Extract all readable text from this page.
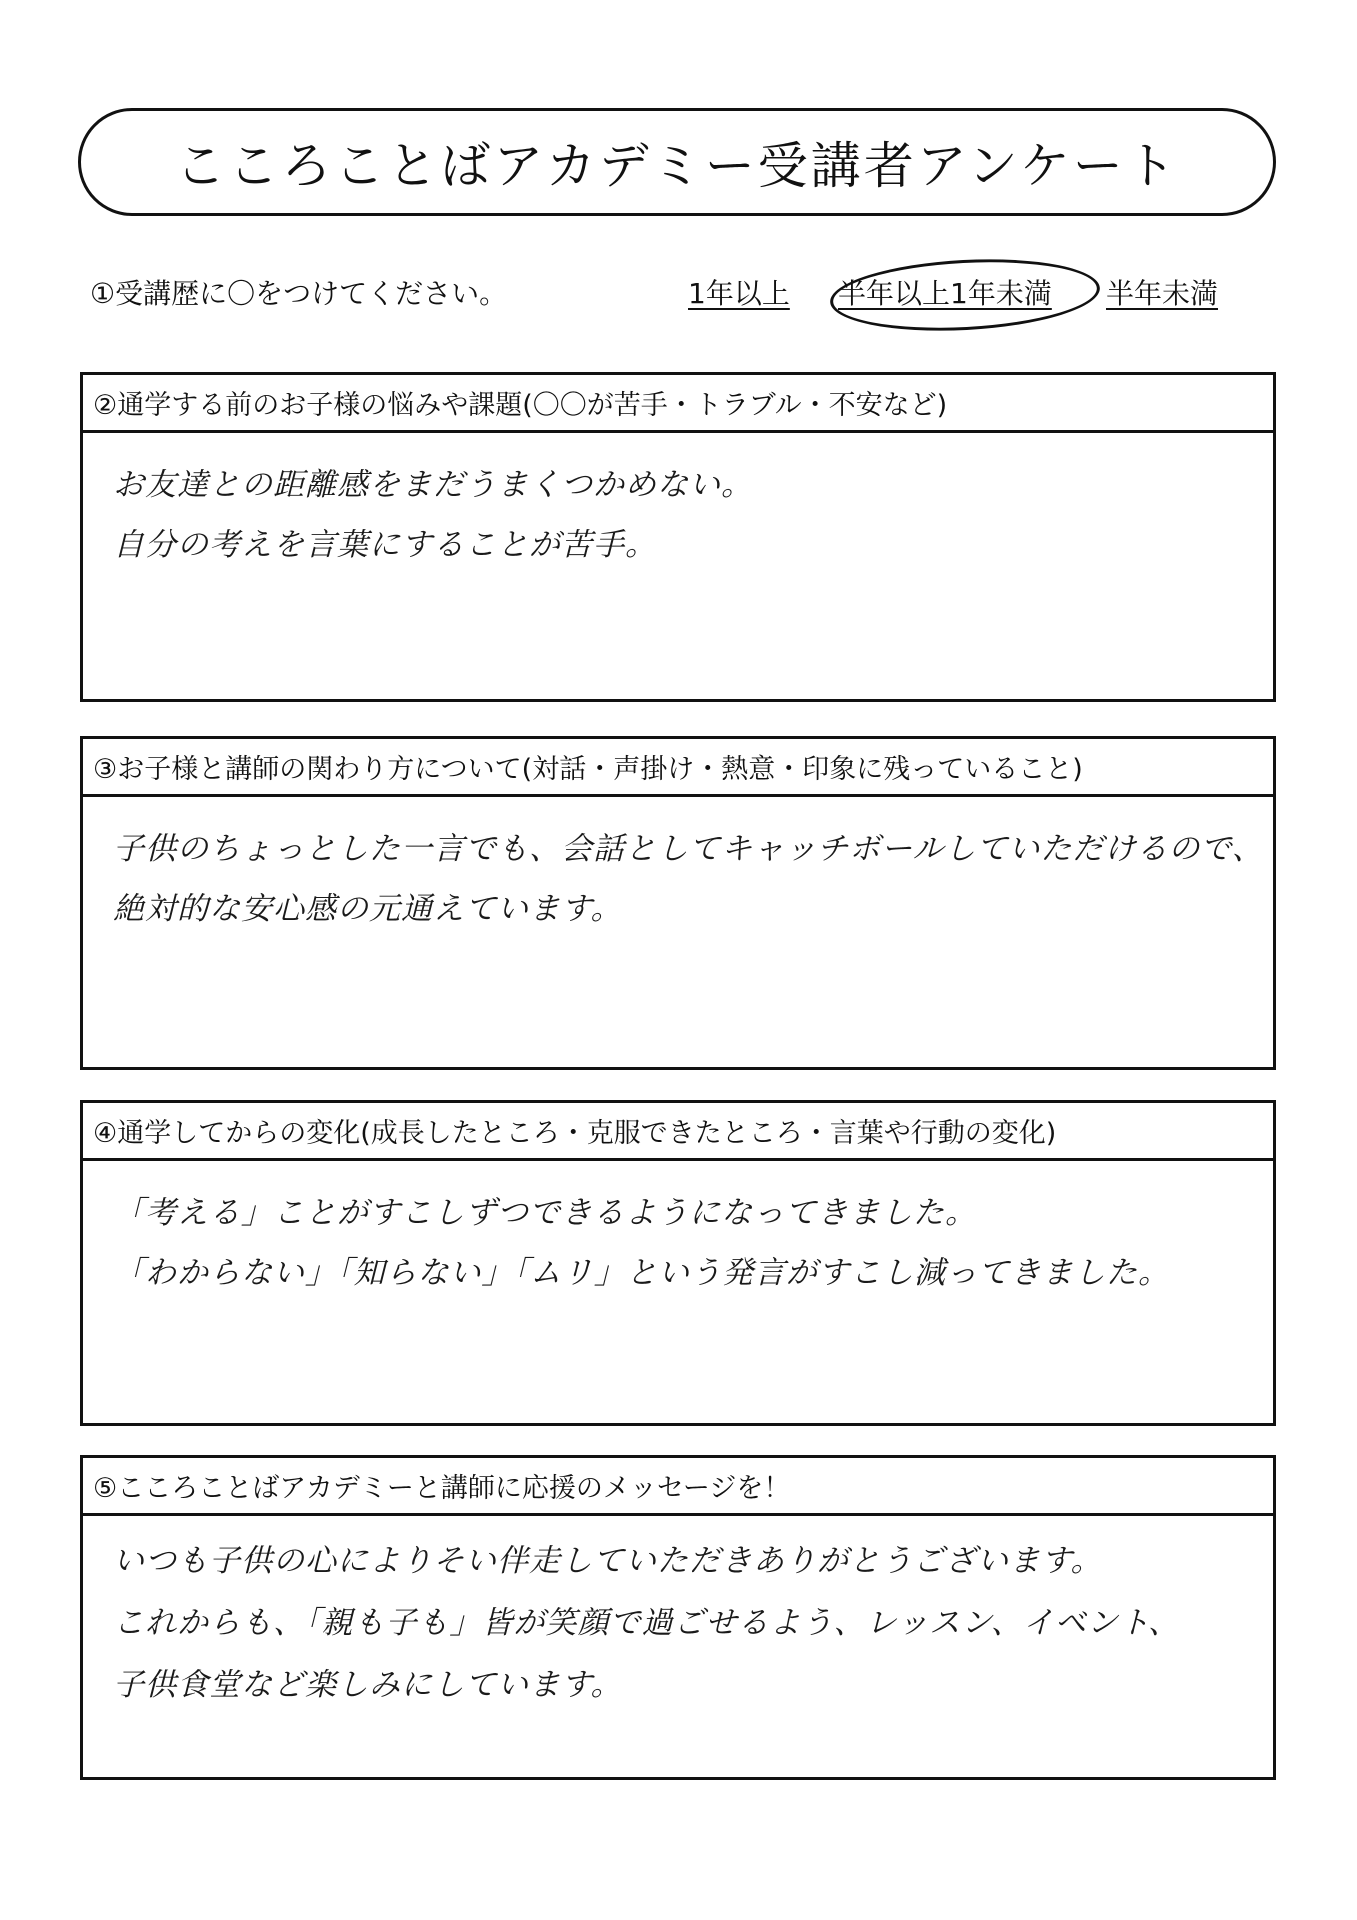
こころことばアカデミー受講者アンケート
①受講歴に〇をつけてください。	1年以上 半年以上1年未満 半年未満
②通学する前のお子様の悩みや課題(〇〇が苦手・トラブル・不安など)
お友達との距離感をまだうまくつかめない。
自分の考えを言葉にすることが苦手。
③お子様と講師の関わり方について(対話・声掛け・熱意・印象に残っていること)
子供のちょっとした一言でも、会話としてキャッチボールしていただけるので、
絶対的な安心感の元通えています。
④通学してからの変化(成長したところ・克服できたところ・言葉や行動の変化)
「考える」ことがすこしずつできるようになってきました。
「わからない」「知らない」「ムリ」という発言がすこし減ってきました。
⑤こころことばアカデミーと講師に応援のメッセージを！
いつも子供の心によりそい伴走していただきありがとうございます。
これからも、「親も子も」皆が笑顔で過ごせるよう、レッスン、イベント、
子供食堂など楽しみにしています。
